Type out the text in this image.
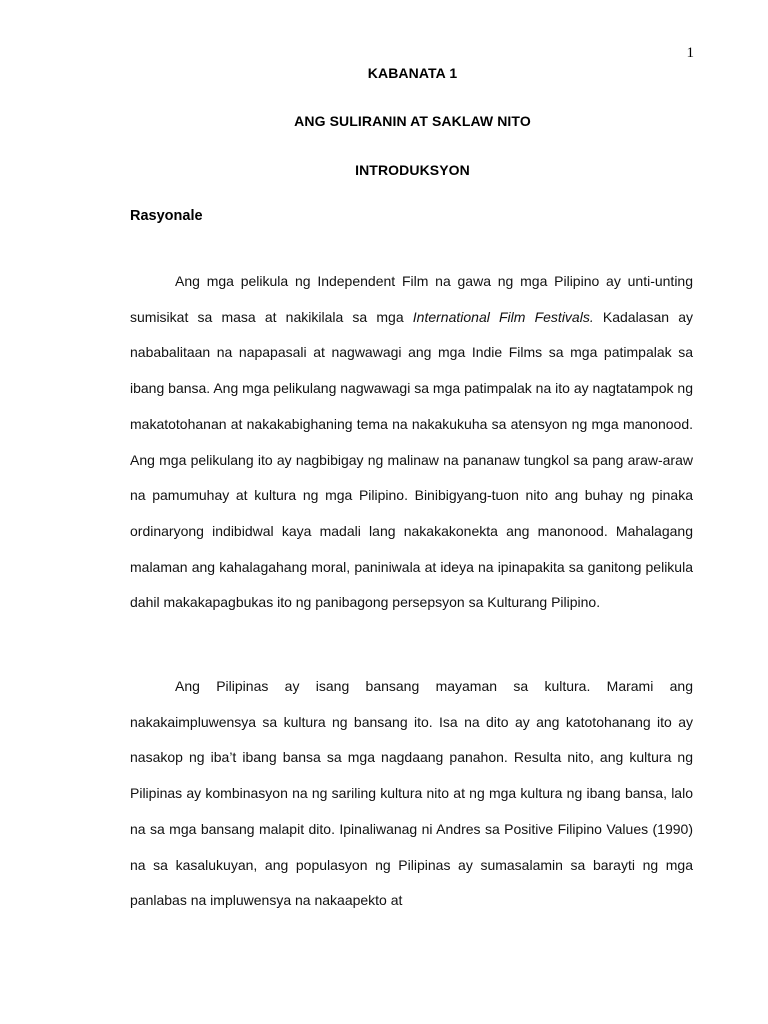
1
KABANATA 1
ANG SULIRANIN AT SAKLAW NITO
INTRODUKSYON
Rasyonale

Ang mga pelikula ng Independent Film na gawa ng mga Pilipino ay unti-unting sumisikat sa masa at nakikilala sa mga International Film Festivals. Kadalasan ay nababalitaan na napapasali at nagwawagi ang mga Indie Films sa mga patimpalak sa ibang bansa. Ang mga pelikulang nagwawagi sa mga patimpalak na ito ay nagtatampok ng makatotohanan at nakakabighaning tema na nakakukuha sa atensyon ng mga manonood. Ang mga pelikulang ito ay nagbibigay ng malinaw na pananaw tungkol sa pang araw-araw na pamumuhay at kultura ng mga Pilipino. Binibigyang-tuon nito ang buhay ng pinaka ordinaryong indibidwal kaya madali lang nakakakonekta ang manonood. Mahalagang malaman ang kahalagahang moral, paniniwala at ideya na ipinapakita sa ganitong pelikula dahil makakapagbukas ito ng panibagong persepsyon sa Kulturang Pilipino.

Ang Pilipinas ay isang bansang mayaman sa kultura. Marami ang nakakaimpluwensya sa kultura ng bansang ito. Isa na dito ay ang katotohanang ito ay nasakop ng iba’t ibang bansa sa mga nagdaang panahon. Resulta nito, ang kultura ng Pilipinas ay kombinasyon na ng sariling kultura nito at ng mga kultura ng ibang bansa, lalo na sa mga bansang malapit dito. Ipinaliwanag ni Andres sa Positive Filipino Values (1990) na sa kasalukuyan, ang populasyon ng Pilipinas ay sumasalamin sa barayti ng mga panlabas na impluwensya na nakaapekto at
